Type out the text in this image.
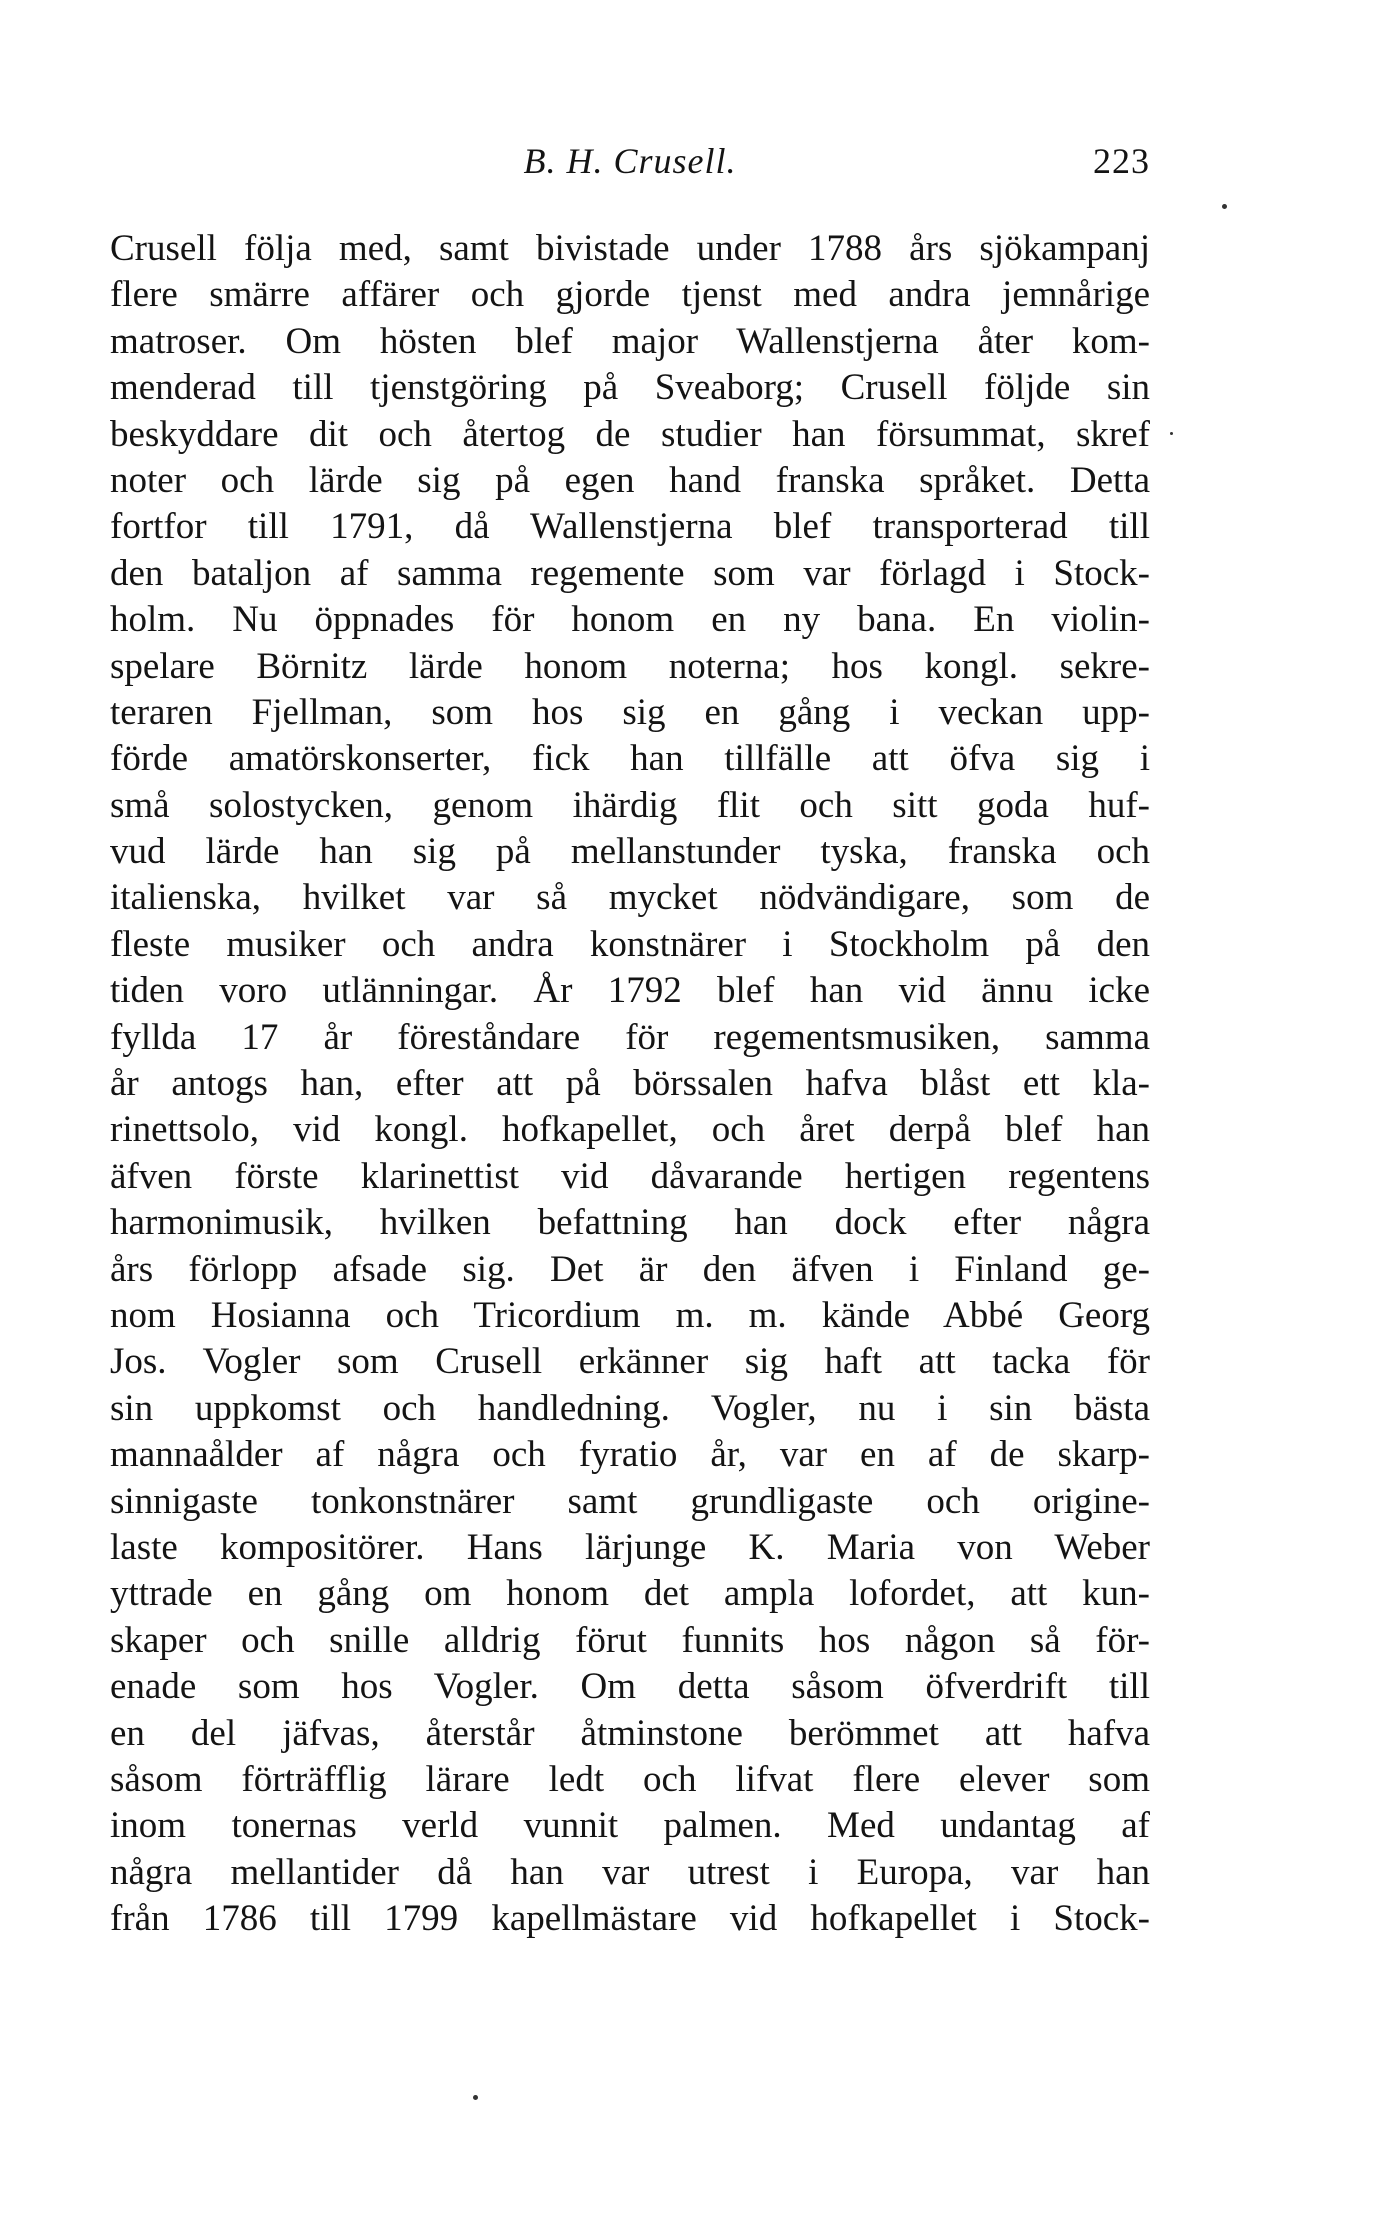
B. H. Crusell.	223
Crusell följa med, samt bivistade under 1788 års sjökampanj
flere smärre affärer och gjorde tjenst med andra jemnårige
matroser. Om hösten blef major Wallenstjerna åter kom-
menderad till tjenstgöring på Sveaborg; Crusell följde sin
beskyddare dit och återtog de studier han försummat, skref
noter och lärde sig på egen hand franska språket. Detta
fortfor till 1791, då Wallenstjerna blef transporterad till
den bataljon af samma regemente som var förlagd i Stock-
holm. Nu öppnades för honom en ny bana. En violin-
spelare Börnitz lärde honom noterna; hos kongl. sekre-
teraren Fjellman, som hos sig en gång i veckan upp-
förde amatörskonserter, fick han tillfälle att öfva sig i
små solostycken, genom ihärdig flit och sitt goda huf-
vud lärde han sig på mellanstunder tyska, franska och
italienska, hvilket var så mycket nödvändigare, som de
fleste musiker och andra konstnärer i Stockholm på den
tiden voro utlänningar. År 1792 blef han vid ännu icke
fyllda 17 år föreståndare för regementsmusiken, samma
år antogs han, efter att på börssalen hafva blåst ett kla-
rinettsolo, vid kongl. hofkapellet, och året derpå blef han
äfven förste klarinettist vid dåvarande hertigen regentens
harmonimusik, hvilken befattning han dock efter några
års förlopp afsade sig. Det är den äfven i Finland ge-
nom Hosianna och Tricordium m. m. kände Abbé Georg
Jos. Vogler som Crusell erkänner sig haft att tacka för
sin uppkomst och handledning. Vogler, nu i sin bästa
mannaålder af några och fyratio år, var en af de skarp-
sinnigaste tonkonstnärer samt grundligaste och origine-
laste kompositörer. Hans lärjunge K. Maria von Weber
yttrade en gång om honom det ampla lofordet, att kun-
skaper och snille alldrig förut funnits hos någon så för-
enade som hos Vogler. Om detta såsom öfverdrift till
en del jäfvas, återstår åtminstone berömmet att hafva
såsom förträfflig lärare ledt och lifvat flere elever som
inom tonernas verld vunnit palmen. Med undantag af
några mellantider då han var utrest i Europa, var han
från 1786 till 1799 kapellmästare vid hofkapellet i Stock-
